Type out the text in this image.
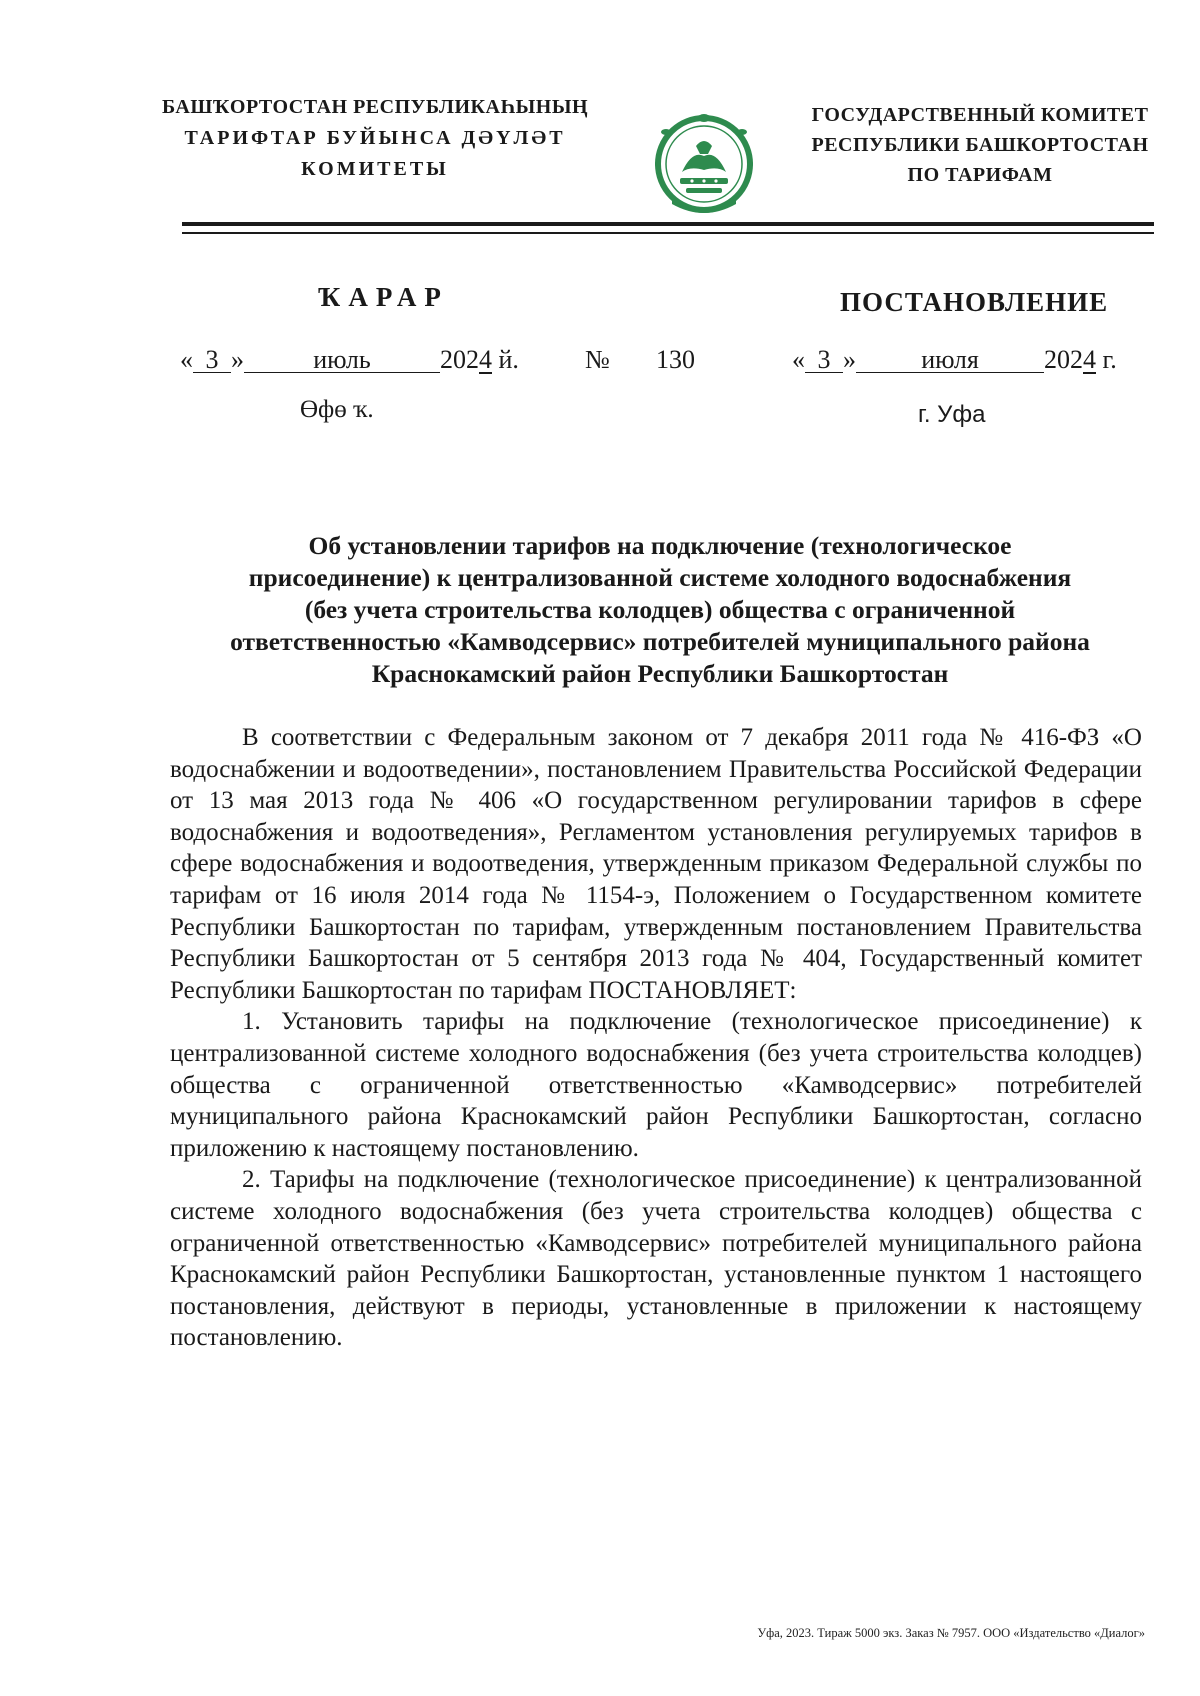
БАШҠОРТОСТАН РЕСПУБЛИКАҺЫНЫҢ
ТАРИФТАР БУЙЫНСА ДӘҮЛӘТ
КОМИТЕТЫ
ГОСУДАРСТВЕННЫЙ КОМИТЕТ
РЕСПУБЛИКИ БАШКОРТОСТАН
ПО ТАРИФАМ
ҠАРАР	ПОСТАНОВЛЕНИЕ
« 3 »	июль	2024 й.	№ 130	« 3 »	июля	2024 г.
Өфө ҡ.	г. Уфа
Об установлении тарифов на подключение (технологическое
присоединение) к централизованной системе холодного водоснабжения
(без учета строительства колодцев) общества с ограниченной
ответственностью «Камводсервис» потребителей муниципального района
Краснокамский район Республики Башкортостан

В соответствии с Федеральным законом от 7 декабря 2011 года № 416-ФЗ «О водоснабжении и водоотведении», постановлением Правительства Российской Федерации от 13 мая 2013 года № 406 «О государственном регулировании тарифов в сфере водоснабжения и водоотведения», Регламентом установления регулируемых тарифов в сфере водоснабжения и водоотведения, утвержденным приказом Федеральной службы по тарифам от 16 июля 2014 года № 1154-э, Положением о Государственном комитете Республики Башкортостан по тарифам, утвержденным постановлением Правительства Республики Башкортостан от 5 сентября 2013 года № 404, Государственный комитет Республики Башкортостан по тарифам ПОСТАНОВЛЯЕТ:

1. Установить тарифы на подключение (технологическое присоединение) к централизованной системе холодного водоснабжения (без учета строительства колодцев) общества с ограниченной ответственностью «Камводсервис» потребителей муниципального района Краснокамский район Республики Башкортостан, согласно приложению к настоящему постановлению.

2. Тарифы на подключение (технологическое присоединение) к централизованной системе холодного водоснабжения (без учета строительства колодцев) общества с ограниченной ответственностью «Камводсервис» потребителей муниципального района Краснокамский район Республики Башкортостан, установленные пунктом 1 настоящего постановления, действуют в периоды, установленные в приложении к настоящему постановлению.

Уфа, 2023. Тираж 5000 экз. Заказ № 7957. ООО «Издательство «Диалог»
